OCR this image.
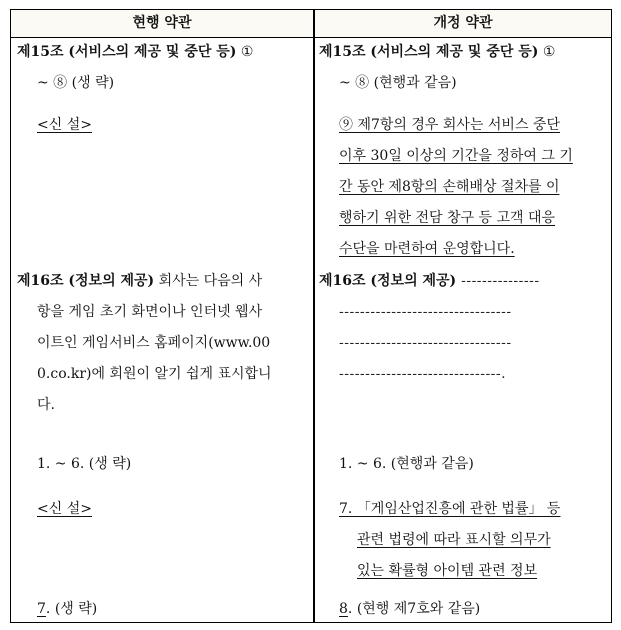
현행 약관	개정 약관
제15조 (서비스의 제공 및 중단 등) ①
~ ⑧ (생 략)
<신 설>
제15조 (서비스의 제공 및 중단 등) ①
~ ⑧ (현행과 같음)
⑨ 제7항의 경우 회사는 서비스 중단
이후 30일 이상의 기간을 정하여 그 기
간 동안 제8항의 손해배상 절차를 이
행하기 위한 전담 창구 등 고객 대응
수단을 마련하여 운영합니다.
제16조 (정보의 제공) 회사는 다음의 사
항을 게임 초기 화면이나 인터넷 웹사
이트인 게임서비스 홈페이지(www.00
0.co.kr)에 회원이 알기 쉽게 표시합니
다.
1. ~ 6. (생 략)
<신 설>
7. (생 략)
제16조 (정보의 제공) ---------------
---------------------------------
---------------------------------
-------------------------------.
1. ~ 6. (현행과 같음)
7. 「게임산업진흥에 관한 법률」 등
관련 법령에 따라 표시할 의무가
있는 확률형 아이템 관련 정보
8. (현행 제7호와 같음)
